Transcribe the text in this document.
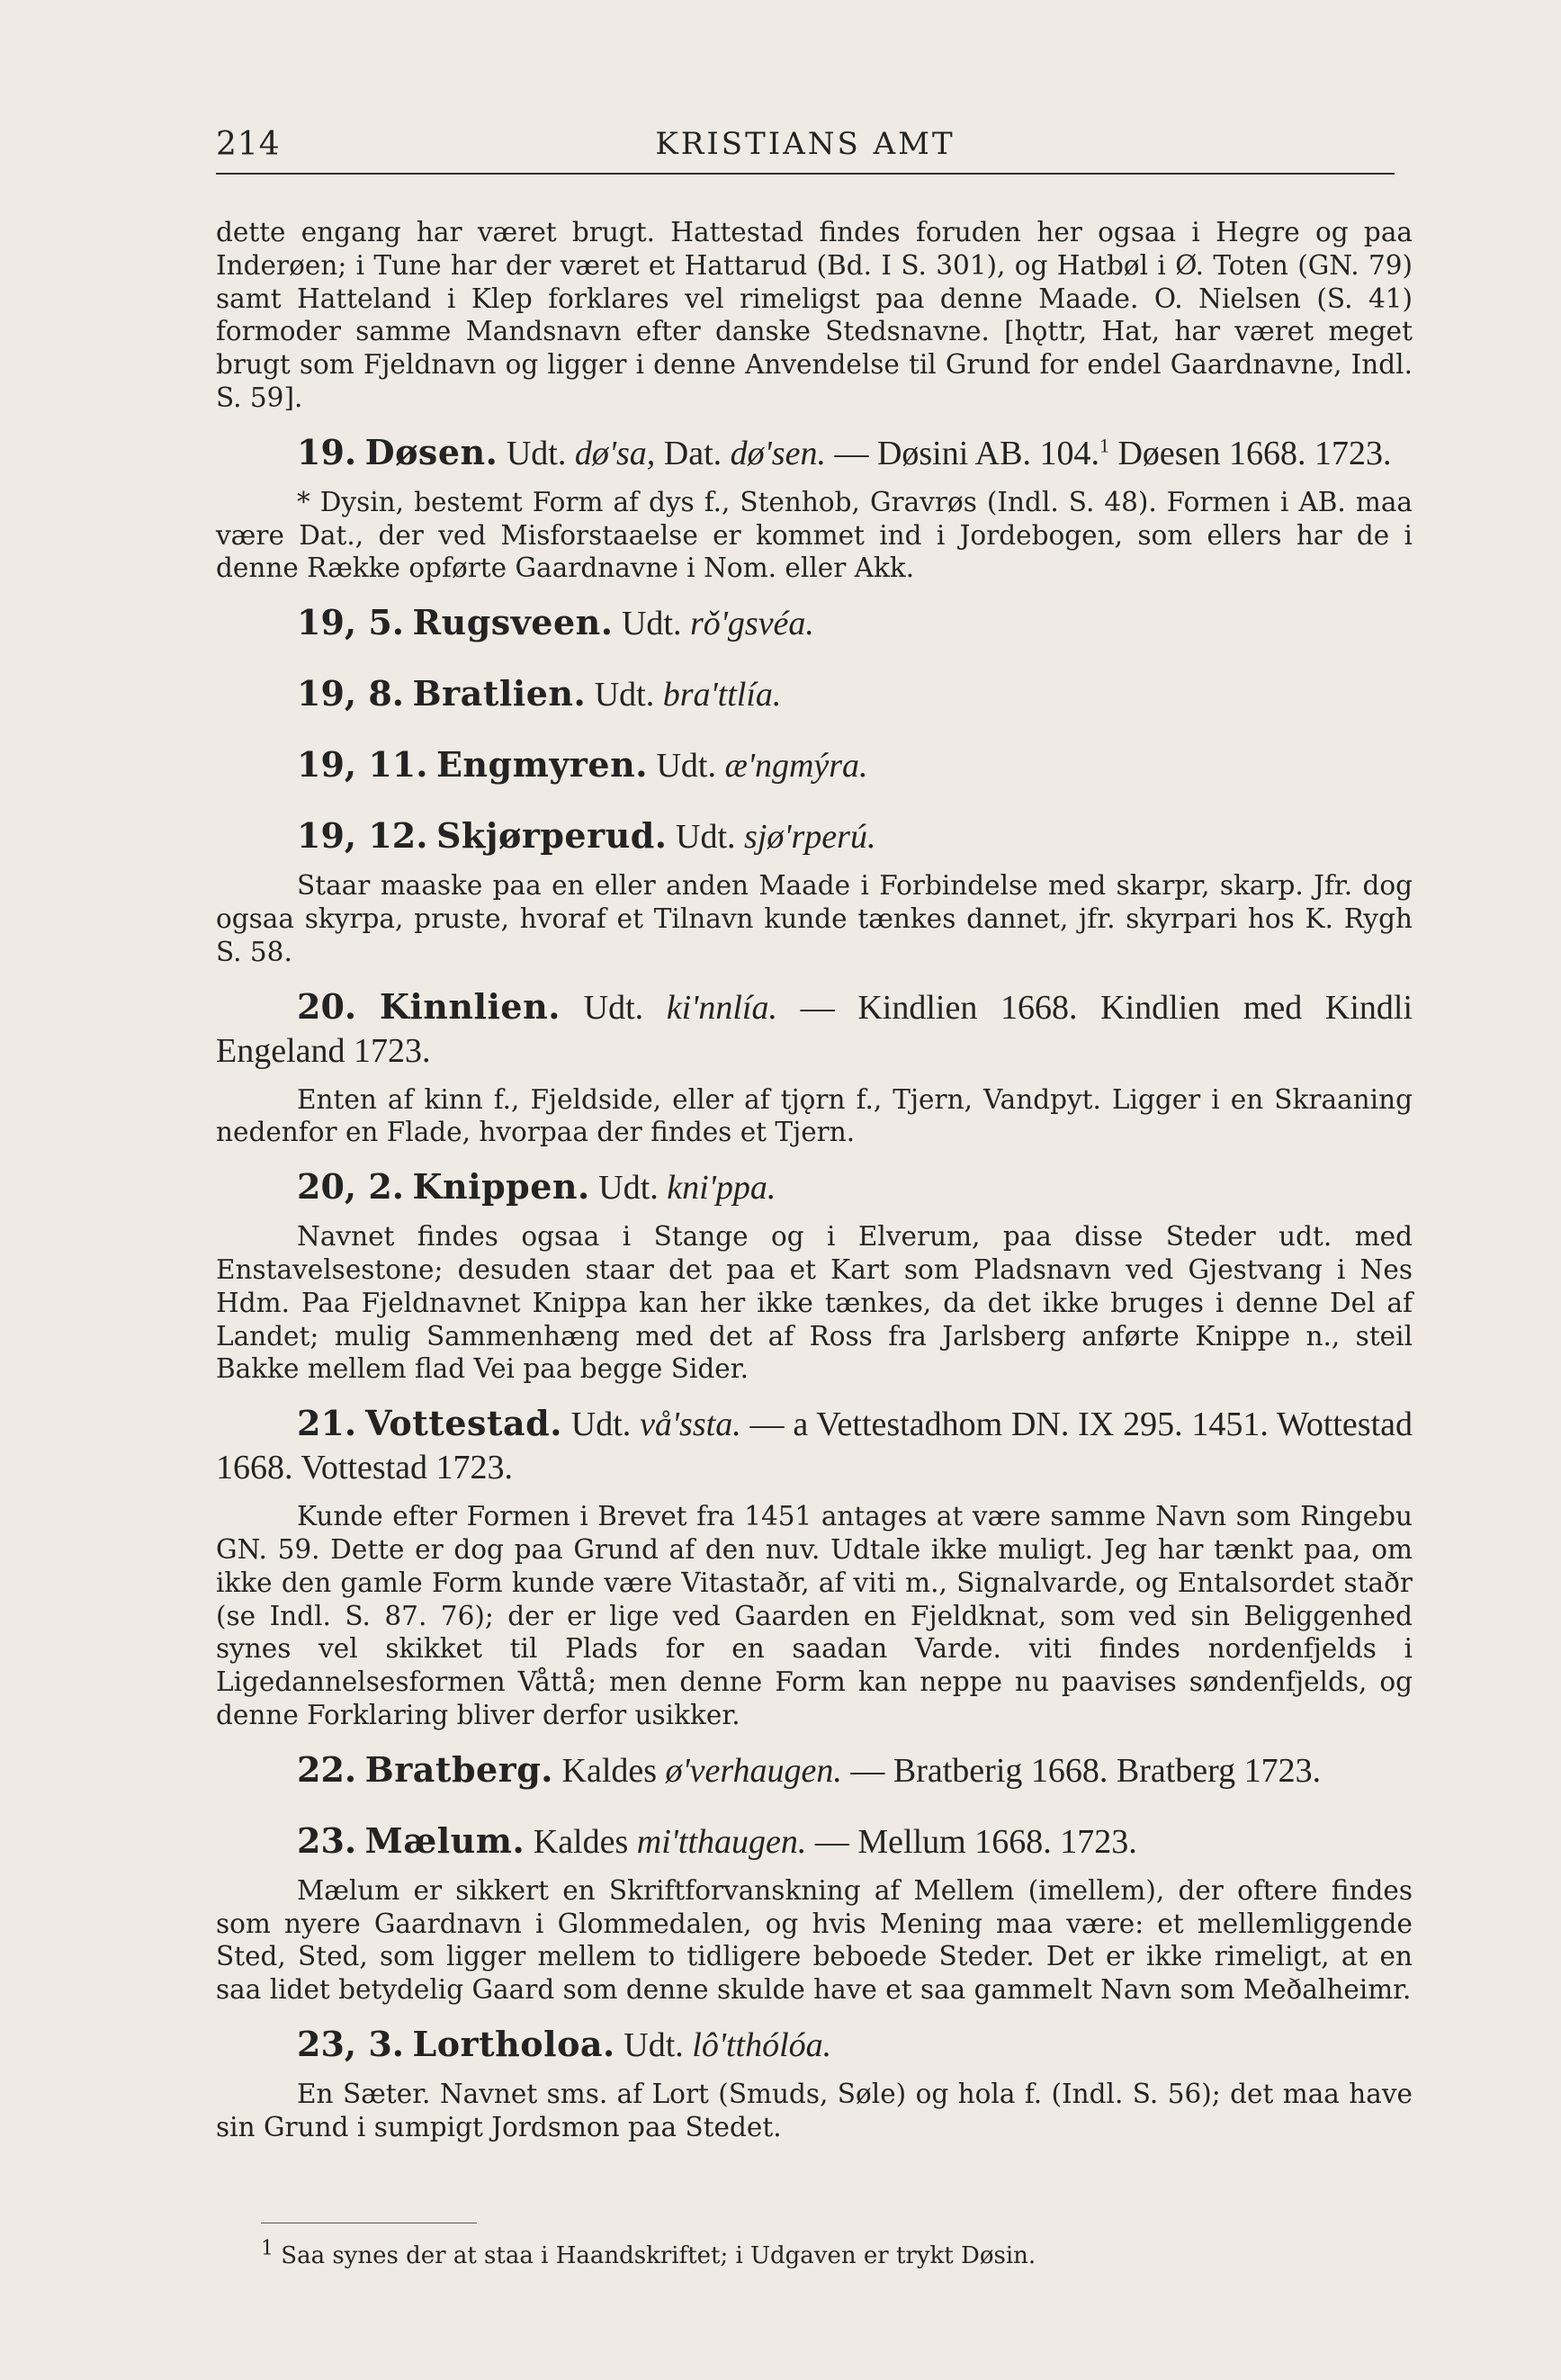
214	KRISTIANS AMT

dette engang har været brugt. Hattestad findes foruden her ogsaa i Hegre og paa Inderøen; i Tune har der været et Hattarud (Bd. I S. 301), og Hatbøl i Ø. Toten (GN. 79) samt Hatteland i Klep forklares vel rimeligst paa denne Maade. O. Nielsen (S. 41) formoder samme Mandsnavn efter danske Stedsnavne. [hǫttr, Hat, har været meget brugt som Fjeldnavn og ligger i denne Anvendelse til Grund for endel Gaardnavne, Indl. S. 59].

19. Døsen. Udt. dø'sa, Dat. dø'sen. — Døsini AB. 104.$^1$ Døesen 1668. 1723.

* Dysin, bestemt Form af dys f., Stenhob, Gravrøs (Indl. S. 48). Formen i AB. maa være Dat., der ved Misforstaaelse er kommet ind i Jordebogen, som ellers har de i denne Række opførte Gaardnavne i Nom. eller Akk.

19, 5. Rugsveen. Udt. rǒ'gsvéa.

19, 8. Bratlien. Udt. bra'ttlía.

19, 11. Engmyren. Udt. æ'ngmýra.

19, 12. Skjørperud. Udt. sjø'rperú.

Staar maaske paa en eller anden Maade i Forbindelse med skarpr, skarp. Jfr. dog ogsaa skyrpa, pruste, hvoraf et Tilnavn kunde tænkes dannet, jfr. skyrpari hos K. Rygh S. 58.

20. Kinnlien. Udt. ki'nnlía. — Kindlien 1668. Kindlien med Kindli Engeland 1723.

Enten af kinn f., Fjeldside, eller af tjǫrn f., Tjern, Vandpyt. Ligger i en Skraaning nedenfor en Flade, hvorpaa der findes et Tjern.

20, 2. Knippen. Udt. kni'ppa.

Navnet findes ogsaa i Stange og i Elverum, paa disse Steder udt. med Enstavelsestone; desuden staar det paa et Kart som Pladsnavn ved Gjestvang i Nes Hdm. Paa Fjeldnavnet Knippa kan her ikke tænkes, da det ikke bruges i denne Del af Landet; mulig Sammenhæng med det af Ross fra Jarlsberg anførte Knippe n., steil Bakke mellem flad Vei paa begge Sider.

21. Vottestad. Udt. vå'ssta. — a Vettestadhom DN. IX 295. 1451. Wottestad 1668. Vottestad 1723.

Kunde efter Formen i Brevet fra 1451 antages at være samme Navn som Ringebu GN. 59. Dette er dog paa Grund af den nuv. Udtale ikke muligt. Jeg har tænkt paa, om ikke den gamle Form kunde være Vitastaðr, af viti m., Signalvarde, og Entalsordet staðr (se Indl. S. 87. 76); der er lige ved Gaarden en Fjeldknat, som ved sin Beliggenhed synes vel skikket til Plads for en saadan Varde. viti findes nordenfjelds i Ligedannelsesformen Våttå; men denne Form kan neppe nu paavises søndenfjelds, og denne Forklaring bliver derfor usikker.

22. Bratberg. Kaldes ø'verhaugen. — Bratberig 1668. Bratberg 1723.

23. Mælum. Kaldes mi'tthaugen. — Mellum 1668. 1723.

Mælum er sikkert en Skriftforvanskning af Mellem (imellem), der oftere findes som nyere Gaardnavn i Glommedalen, og hvis Mening maa være: et mellemliggende Sted, Sted, som ligger mellem to tidligere beboede Steder. Det er ikke rimeligt, at en saa lidet betydelig Gaard som denne skulde have et saa gammelt Navn som Meðalheimr.

23, 3. Lortholoa. Udt. lô'tthólóa.

En Sæter. Navnet sms. af Lort (Smuds, Søle) og hola f. (Indl. S. 56); det maa have sin Grund i sumpigt Jordsmon paa Stedet.

$^1$ Saa synes der at staa i Haandskriftet; i Udgaven er trykt Døsin.
